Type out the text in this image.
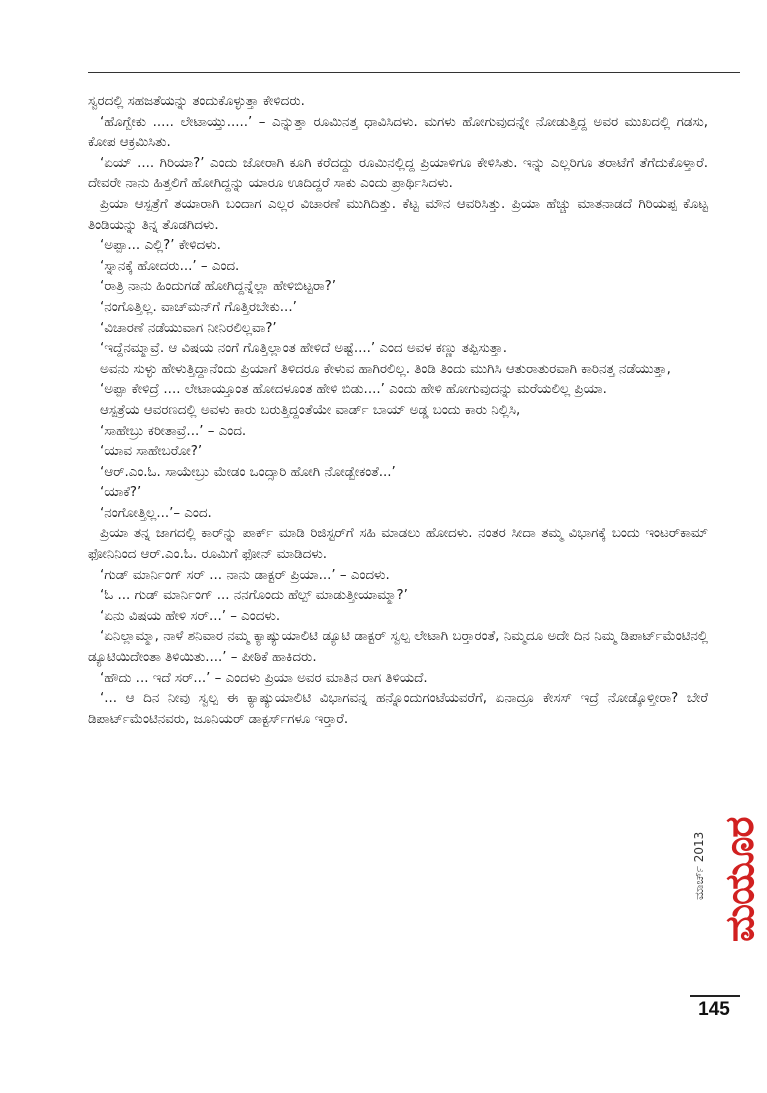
ಸ್ವರದಲ್ಲಿ ಸಹಜತೆಯನ್ನು ತಂದುಕೊಳ್ಳುತ್ತಾ ಕೇಳಿದರು.

‘ಹೊಗ್ಬೇಕು ..... ಲೇಟಾಯ್ತು.....’ – ಎನ್ನುತ್ತಾ ರೂಮಿನತ್ತ ಧಾವಿಸಿದಳು. ಮಗಳು ಹೋಗುವುದನ್ನೇ ನೋಡುತ್ತಿದ್ದ ಅವರ ಮುಖದಲ್ಲಿ ಗಡಸು, ಕೋಪ ಆಕ್ರಮಿಸಿತು.

‘ಏಯ್ .... ಗಿರಿಯಾ?’ ಎಂದು ಜೋರಾಗಿ ಕೂಗಿ ಕರೆದದ್ದು ರೂಮಿನಲ್ಲಿದ್ದ ಪ್ರಿಯಾಳಿಗೂ ಕೇಳಿಸಿತು. ಇನ್ನು ಎಲ್ಲರಿಗೂ ತರಾಟೆಗೆ ತೆಗೆದುಕೊಳ್ತಾರೆ. ದೇವರೇ ನಾನು ಹಿತ್ತಲಿಗೆ ಹೋಗಿದ್ದನ್ನು ಯಾರೂ ಊದಿದ್ದರೆ ಸಾಕು ಎಂದು ಪ್ರಾರ್ಥಿಸಿದಳು.

ಪ್ರಿಯಾ ಆಸ್ಪತ್ರೆಗೆ ತಯಾರಾಗಿ ಬಂದಾಗ ಎಲ್ಲರ ವಿಚಾರಣೆ ಮುಗಿದಿತ್ತು. ಕೆಟ್ಟ ಮೌನ ಆವರಿಸಿತ್ತು. ಪ್ರಿಯಾ ಹೆಚ್ಚು ಮಾತನಾಡದೆ ಗಿರಿಯಪ್ಪ ಕೊಟ್ಟ ತಿಂಡಿಯನ್ನು ತಿನ್ನ ತೊಡಗಿದಳು.

‘ಅಪ್ಪಾ... ಎಲ್ಲಿ?’ ಕೇಳಿದಳು.

‘ಸ್ನಾನಕ್ಕೆ ಹೋದರು...’ – ಎಂದ.

‘ರಾತ್ರಿ ನಾನು ಹಿಂದುಗಡೆ ಹೋಗಿದ್ದನ್ನೆಲ್ಲಾ ಹೇಳಿಬಿಟ್ಟರಾ?’

‘ನಂಗೊತ್ತಿಲ್ಲ. ವಾಚ್‌ಮನ್‌ಗೆ ಗೊತ್ತಿರಬೇಕು...’

‘ವಿಚಾರಣೆ ನಡೆಯುವಾಗ ನೀನಿರಲಿಲ್ಲವಾ?’

‘ಇದ್ದೆನಮ್ಮಾವ್ರೆ. ಆ ವಿಷಯ ನಂಗೆ ಗೊತ್ತಿಲ್ಲಾಂತ ಹೇಳಿದೆ ಅಷ್ಟೆ....’ ಎಂದ ಅವಳ ಕಣ್ಣು ತಪ್ಪಿಸುತ್ತಾ.

ಅವನು ಸುಳ್ಳು ಹೇಳುತ್ತಿದ್ದಾನೆಂದು ಪ್ರಿಯಾಗೆ ತಿಳಿದರೂ ಕೇಳುವ ಹಾಗಿರಲಿಲ್ಲ. ತಿಂಡಿ ತಿಂದು ಮುಗಿಸಿ ಆತುರಾತುರವಾಗಿ ಕಾರಿನತ್ತ ನಡೆಯುತ್ತಾ,

‘ಅಪ್ಪಾ ಕೇಳಿದ್ರೆ .... ಲೇಟಾಯ್ತೂಂತ ಹೋದಳೂಂತ ಹೇಳಿ ಬಿಡು....’ ಎಂದು ಹೇಳಿ ಹೋಗುವುದನ್ನು ಮರೆಯಲಿಲ್ಲ ಪ್ರಿಯಾ.

ಆಸ್ಪತ್ರೆಯ ಆವರಣದಲ್ಲಿ ಅವಳು ಕಾರು ಬರುತ್ತಿದ್ದಂತೆಯೇ ವಾರ್ಡ್ ಬಾಯ್ ಅಡ್ಡ ಬಂದು ಕಾರು ನಿಲ್ಲಿಸಿ,

‘ಸಾಹೇಬ್ರು ಕರೀತಾವ್ರೆ...’ – ಎಂದ.

‘ಯಾವ ಸಾಹೇಬರೋ?’

‘ಆರ್.ಎಂ.ಓ. ಸಾಯೇಬ್ರು ಮೇಡಂ ಒಂದ್ಸಾರಿ ಹೋಗಿ ನೋಡ್ಬೇಕಂತೆ...’

‘ಯಾಕೆ?’

‘ನಂಗೋತ್ತಿಲ್ಲ...’– ಎಂದ.

ಪ್ರಿಯಾ ತನ್ನ ಜಾಗದಲ್ಲಿ ಕಾರ್‌ನ್ನು ಪಾರ್ಕ್ ಮಾಡಿ ರಿಜಿಸ್ಟರ್‌ಗೆ ಸಹಿ ಮಾಡಲು ಹೋದಳು. ನಂತರ ಸೀದಾ ತಮ್ಮ ವಿಭಾಗಕ್ಕೆ ಬಂದು ಇಂಟರ್‌ಕಾಮ್ ಫೋನಿನಿಂದ ಆರ್.ಎಂ.ಓ. ರೂಮಿಗೆ ಫೋನ್ ಮಾಡಿದಳು.

‘ಗುಡ್ ಮಾರ್ನಿಂಗ್ ಸರ್ ... ನಾನು ಡಾಕ್ಟರ್ ಪ್ರಿಯಾ...’ – ಎಂದಳು.

‘ಓ ... ಗುಡ್ ಮಾರ್ನಿಂಗ್ ... ನನಗೊಂದು ಹೆಲ್ಪ್ ಮಾಡುತ್ತೀಯಾಮ್ಮಾ?’

‘ಏನು ವಿಷಯ ಹೇಳಿ ಸರ್...’ – ಎಂದಳು.

‘ಏನಿಲ್ಲಾಮ್ಮಾ, ನಾಳೆ ಶನಿವಾರ ನಮ್ಮ ಕ್ಯಾಷ್ಯುಯಾಲಿಟಿ ಡ್ಯೂಟಿ ಡಾಕ್ಟರ್ ಸ್ವಲ್ಪ ಲೇಟಾಗಿ ಬರ್‍ತಾರಂತೆ, ನಿಮ್ಮದೂ ಅದೇ ದಿನ ನಿಮ್ಮ ಡಿಪಾರ್ಟ್‌ಮೆಂಟಿನಲ್ಲಿ ಡ್ಯೂಟಿಯಿದೇಂತಾ ತಿಳಿಯಿತು....’ – ಪೀಠಿಕೆ ಹಾಕಿದರು.

‘ಹೌದು ... ಇದೆ ಸರ್...’ – ಎಂದಳು ಪ್ರಿಯಾ ಅವರ ಮಾತಿನ ರಾಗ ತಿಳಿಯದೆ.

‘... ಆ ದಿನ ನೀವು ಸ್ವಲ್ಪ ಈ ಕ್ಯಾಷ್ಯುಯಾಲಿಟಿ ವಿಭಾಗವನ್ನ ಹನ್ನೊಂದುಗಂಟೆಯವರೆಗೆ, ಏನಾದ್ರೂ ಕೇಸಸ್ ಇದ್ರೆ ನೋಡ್ಕೊಳ್ತೀರಾ? ಬೇರೆ ಡಿಪಾರ್ಟ್‌ಮೆಂಟಿನವರು, ಜೂನಿಯರ್ ಡಾಕ್ಟರ್ಸ್‌ಗಳೂ ಇರ್‍ತಾರೆ.

ಮಾರ್ಚ್ 2013 ಮಯೂರ
145
